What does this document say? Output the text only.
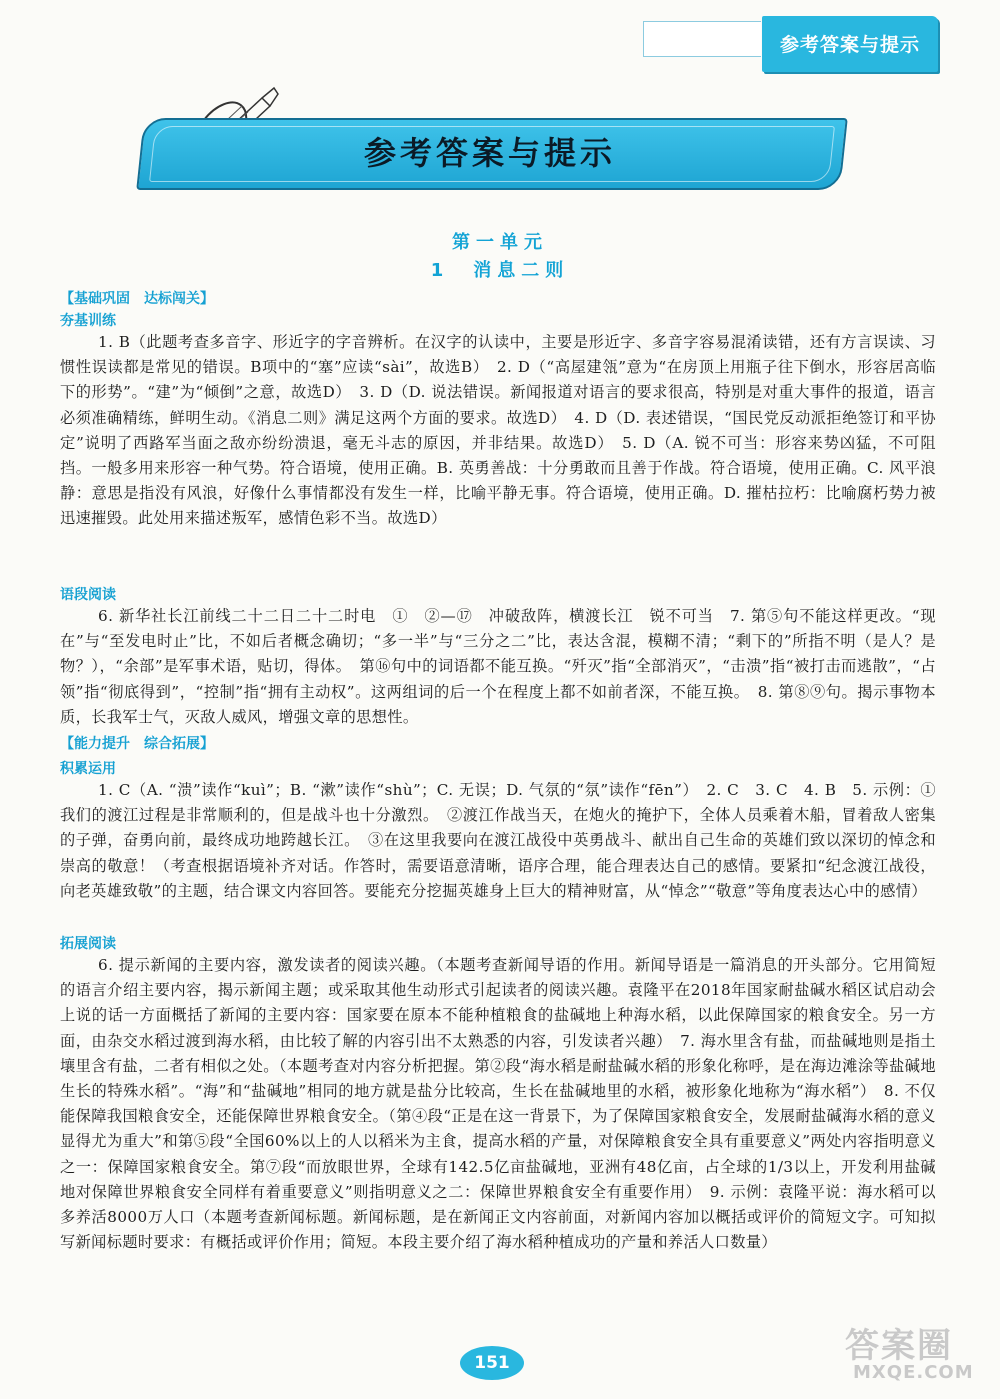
参考答案与提示
参考答案与提示
第一单元
1　消息二则
【基础巩固　达标闯关】
夯基训练
1. B（此题考查多音字、形近字的字音辨析。在汉字的认读中，主要是形近字、多音字容易混淆读错，还有方言误读、习惯性误读都是常见的错误。B项中的“塞”应读“sài”，故选B）　2. D（“高屋建瓴”意为“在房顶上用瓶子往下倒水，形容居高临下的形势”。“建”为“倾倒”之意，故选D）　3. D（D. 说法错误。新闻报道对语言的要求很高，特别是对重大事件的报道，语言必须准确精练，鲜明生动。《消息二则》满足这两个方面的要求。故选D）　4. D（D. 表述错误，“国民党反动派拒绝签订和平协定”说明了西路军当面之敌亦纷纷溃退，毫无斗志的原因，并非结果。故选D）　5. D（A. 锐不可当：形容来势凶猛，不可阻挡。一般多用来形容一种气势。符合语境，使用正确。B. 英勇善战：十分勇敢而且善于作战。符合语境，使用正确。C. 风平浪静：意思是指没有风浪，好像什么事情都没有发生一样，比喻平静无事。符合语境，使用正确。D. 摧枯拉朽：比喻腐朽势力被迅速摧毁。此处用来描述叛军，感情色彩不当。故选D）
语段阅读
6. 新华社长江前线二十二日二十二时电　①　②—⑰　冲破敌阵，横渡长江　锐不可当　7. 第⑤句不能这样更改。“现在”与“至发电时止”比，不如后者概念确切；“多一半”与“三分之二”比，表达含混，模糊不清；“剩下的”所指不明（是人？是物？），“余部”是军事术语，贴切，得体。　第⑯句中的词语都不能互换。“歼灭”指“全部消灭”，“击溃”指“被打击而逃散”，“占领”指“彻底得到”，“控制”指“拥有主动权”。这两组词的后一个在程度上都不如前者深，不能互换。　8. 第⑧⑨句。揭示事物本质，长我军士气，灭敌人威风，增强文章的思想性。
【能力提升　综合拓展】
积累运用
1. C（A. “溃”读作“kuì”；B. “漱”读作“shù”；C. 无误；D. 气氛的“氛”读作“fēn”）　2. C　3. C　4. B　5. 示例：①我们的渡江过程是非常顺利的，但是战斗也十分激烈。　②渡江作战当天，在炮火的掩护下，全体人员乘着木船，冒着敌人密集的子弹，奋勇向前，最终成功地跨越长江。　③在这里我要向在渡江战役中英勇战斗、献出自己生命的英雄们致以深切的悼念和崇高的敬意！（考查根据语境补齐对话。作答时，需要语意清晰，语序合理，能合理表达自己的感情。要紧扣“纪念渡江战役，向老英雄致敬”的主题，结合课文内容回答。要能充分挖掘英雄身上巨大的精神财富，从“悼念”“敬意”等角度表达心中的感情）
拓展阅读
6. 提示新闻的主要内容，激发读者的阅读兴趣。（本题考查新闻导语的作用。新闻导语是一篇消息的开头部分。它用简短的语言介绍主要内容，揭示新闻主题；或采取其他生动形式引起读者的阅读兴趣。袁隆平在2018年国家耐盐碱水稻区试启动会上说的话一方面概括了新闻的主要内容：国家要在原本不能种植粮食的盐碱地上种海水稻，以此保障国家的粮食安全。另一方面，由杂交水稻过渡到海水稻，由比较了解的内容引出不太熟悉的内容，引发读者兴趣）　7. 海水里含有盐，而盐碱地则是指土壤里含有盐，二者有相似之处。（本题考查对内容分析把握。第②段“海水稻是耐盐碱水稻的形象化称呼，是在海边滩涂等盐碱地生长的特殊水稻”。“海”和“盐碱地”相同的地方就是盐分比较高，生长在盐碱地里的水稻，被形象化地称为“海水稻”）　8. 不仅能保障我国粮食安全，还能保障世界粮食安全。（第④段“正是在这一背景下，为了保障国家粮食安全，发展耐盐碱海水稻的意义显得尤为重大”和第⑤段“全国60%以上的人以稻米为主食，提高水稻的产量，对保障粮食安全具有重要意义”两处内容指明意义之一：保障国家粮食安全。第⑦段“而放眼世界，全球有142.5亿亩盐碱地，亚洲有48亿亩，占全球的1/3以上，开发利用盐碱地对保障世界粮食安全同样有着重要意义”则指明意义之二：保障世界粮食安全有重要作用）　9. 示例：袁隆平说：海水稻可以多养活8000万人口（本题考查新闻标题。新闻标题，是在新闻正文内容前面，对新闻内容加以概括或评价的简短文字。可知拟写新闻标题时要求：有概括或评价作用；简短。本段主要介绍了海水稻种植成功的产量和养活人口数量）
151	答案圈
MXQE.COM
